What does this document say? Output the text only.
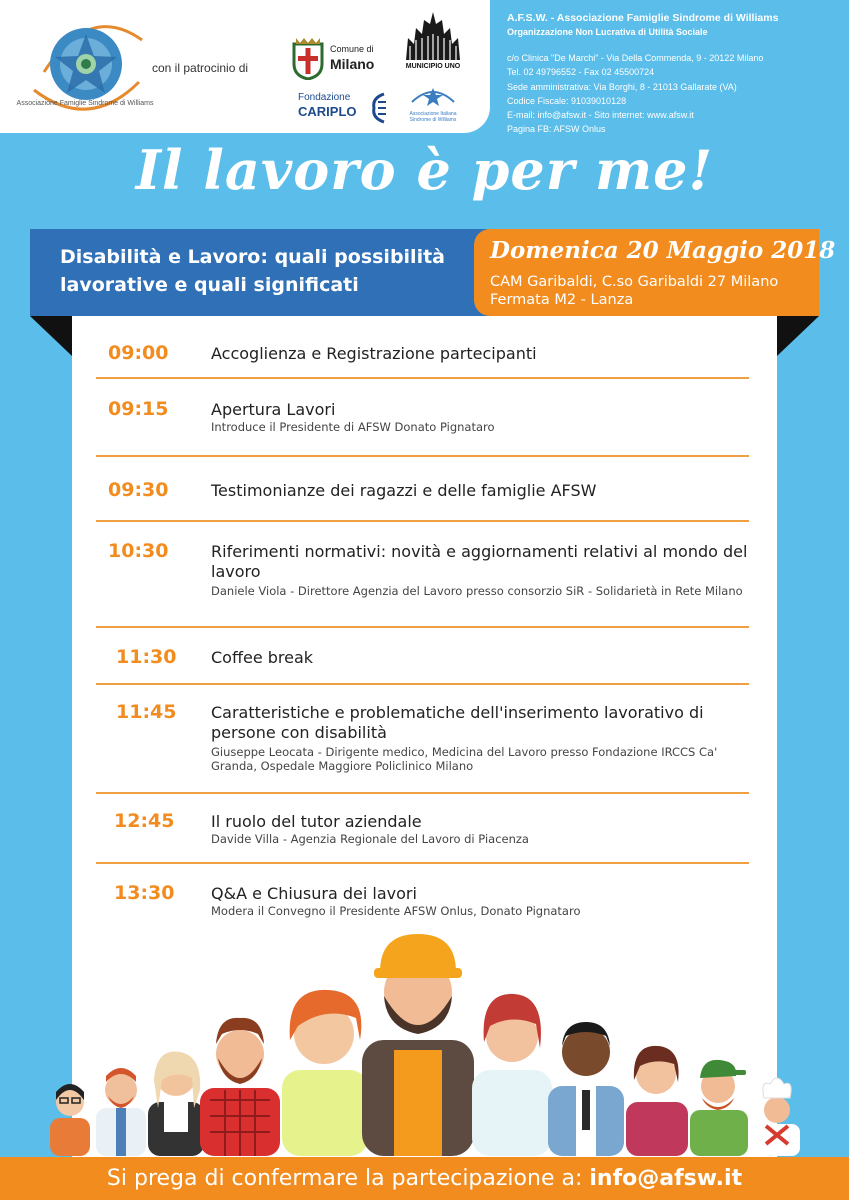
Associazione Famiglie Sindrome di Williams
con il patrocinio di
Comune di
Milano	MUNICIPIO UNO
Fondazione
CARIPLO	Associazione Italiana
Sindrome di Williams
A.F.S.W. - Associazione Famiglie Sindrome di Williams
Organizzazione Non Lucrativa di Utilità Sociale
c/o Clinica "De Marchi" - Via Della Commenda, 9 - 20122 Milano
Tel. 02 49796552 - Fax 02 45500724
Sede amministrativa: Via Borghi, 8 - 21013 Gallarate (VA)
Codice Fiscale: 91039010128
E-mail: info@afsw.it - Sito internet: www.afsw.it
Pagina FB: AFSW Onlus
Il lavoro è per me!
Disabilità e Lavoro: quali possibilità lavorative e quali significati
Domenica 20 Maggio 2018
CAM Garibaldi, C.so Garibaldi 27 Milano
Fermata M2 - Lanza
09:00	Accoglienza e Registrazione partecipanti
09:15	Apertura Lavori
Introduce il Presidente di AFSW Donato Pignataro
09:30	Testimonianze dei ragazzi e delle famiglie AFSW
10:30	Riferimenti normativi: novità e aggiornamenti relativi al mondo del lavoro
Daniele Viola - Direttore Agenzia del Lavoro presso consorzio SiR - Solidarietà in Rete Milano
11:30	Coffee break
11:45	Caratteristiche e problematiche dell'inserimento lavorativo di persone con disabilità
Giuseppe Leocata - Dirigente medico, Medicina del Lavoro presso Fondazione IRCCS Ca' Granda, Ospedale Maggiore Policlinico Milano
12:45	Il ruolo del tutor aziendale
Davide Villa - Agenzia Regionale del Lavoro di Piacenza
13:30	Q&A e Chiusura dei lavori
Modera il Convegno il Presidente AFSW Onlus, Donato Pignataro
Si prega di confermare la partecipazione a: info@afsw.it
